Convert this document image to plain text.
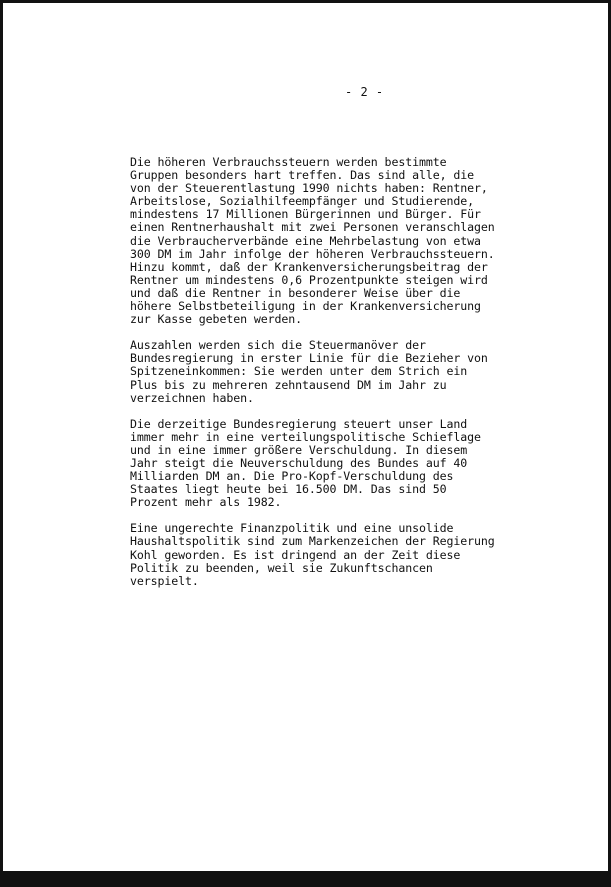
- 2 -

Die höheren Verbrauchssteuern werden bestimmte
Gruppen besonders hart treffen. Das sind alle, die
von der Steuerentlastung 1990 nichts haben: Rentner,
Arbeitslose, Sozialhilfeempfänger und Studierende,
mindestens 17 Millionen Bürgerinnen und Bürger. Für
einen Rentnerhaushalt mit zwei Personen veranschlagen
die Verbraucherverbände eine Mehrbelastung von etwa
300 DM im Jahr infolge der höheren Verbrauchssteuern.
Hinzu kommt, daß der Krankenversicherungsbeitrag der
Rentner um mindestens 0,6 Prozentpunkte steigen wird
und daß die Rentner in besonderer Weise über die
höhere Selbstbeteiligung in der Krankenversicherung
zur Kasse gebeten werden.

Auszahlen werden sich die Steuermanöver der
Bundesregierung in erster Linie für die Bezieher von
Spitzeneinkommen: Sie werden unter dem Strich ein
Plus bis zu mehreren zehntausend DM im Jahr zu
verzeichnen haben.

Die derzeitige Bundesregierung steuert unser Land
immer mehr in eine verteilungspolitische Schieflage
und in eine immer größere Verschuldung. In diesem
Jahr steigt die Neuverschuldung des Bundes auf 40
Milliarden DM an. Die Pro-Kopf-Verschuldung des
Staates liegt heute bei 16.500 DM. Das sind 50
Prozent mehr als 1982.

Eine ungerechte Finanzpolitik und eine unsolide
Haushaltspolitik sind zum Markenzeichen der Regierung
Kohl geworden. Es ist dringend an der Zeit diese
Politik zu beenden, weil sie Zukunftschancen
verspielt.
